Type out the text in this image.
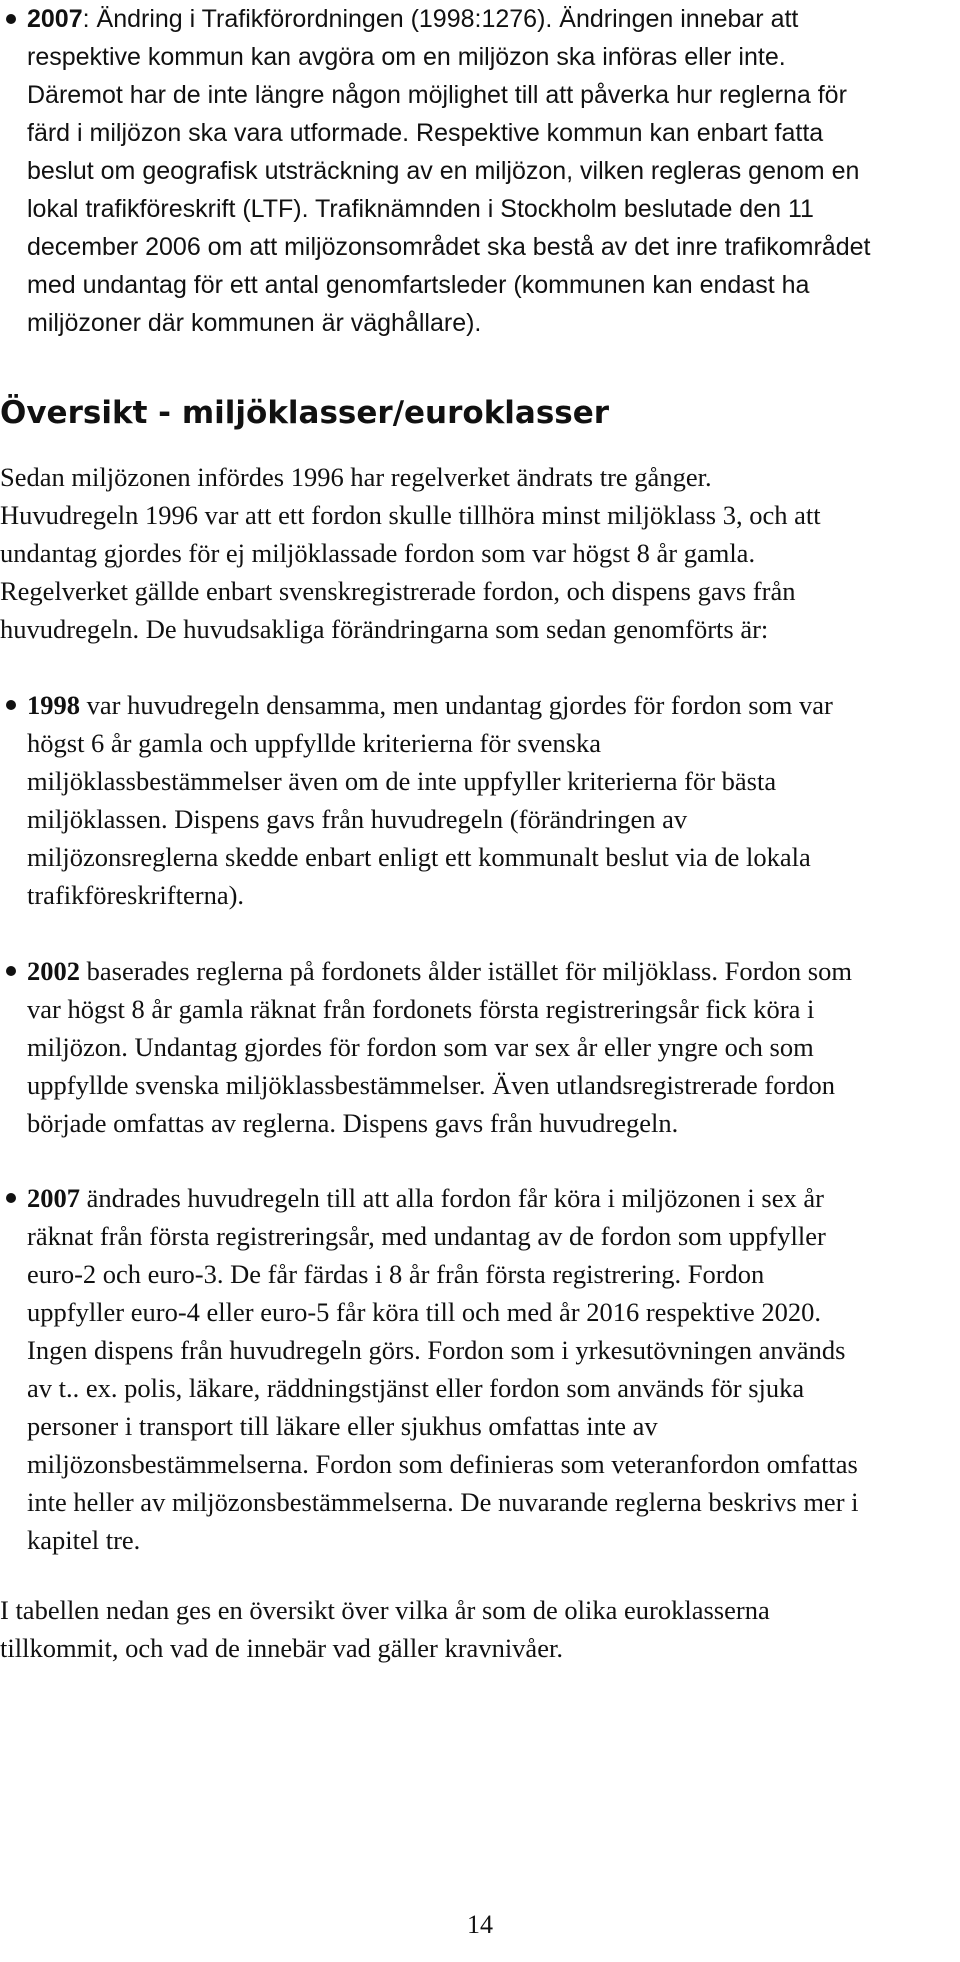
2007: Ändring i Trafikförordningen (1998:1276). Ändringen innebar att
respektive kommun kan avgöra om en miljözon ska införas eller inte.
Däremot har de inte längre någon möjlighet till att påverka hur reglerna för
färd i miljözon ska vara utformade. Respektive kommun kan enbart fatta
beslut om geografisk utsträckning av en miljözon, vilken regleras genom en
lokal trafikföreskrift (LTF). Trafiknämnden i Stockholm beslutade den 11
december 2006 om att miljözonsområdet ska bestå av det inre trafikområdet
med undantag för ett antal genomfartsleder (kommunen kan endast ha
miljözoner där kommunen är väghållare).
Översikt - miljöklasser/euroklasser
Sedan miljözonen infördes 1996 har regelverket ändrats tre gånger.
Huvudregeln 1996 var att ett fordon skulle tillhöra minst miljöklass 3, och att
undantag gjordes för ej miljöklassade fordon som var högst 8 år gamla.
Regelverket gällde enbart svenskregistrerade fordon, och dispens gavs från
huvudregeln. De huvudsakliga förändringarna som sedan genomförts är:
1998 var huvudregeln densamma, men undantag gjordes för fordon som var
högst 6 år gamla och uppfyllde kriterierna för svenska
miljöklassbestämmelser även om de inte uppfyller kriterierna för bästa
miljöklassen. Dispens gavs från huvudregeln (förändringen av
miljözonsreglerna skedde enbart enligt ett kommunalt beslut via de lokala
trafikföreskrifterna).
2002 baserades reglerna på fordonets ålder istället för miljöklass. Fordon som
var högst 8 år gamla räknat från fordonets första registreringsår fick köra i
miljözon. Undantag gjordes för fordon som var sex år eller yngre och som
uppfyllde svenska miljöklassbestämmelser. Även utlandsregistrerade fordon
började omfattas av reglerna. Dispens gavs från huvudregeln.
2007 ändrades huvudregeln till att alla fordon får köra i miljözonen i sex år
räknat från första registreringsår, med undantag av de fordon som uppfyller
euro-2 och euro-3. De får färdas i 8 år från första registrering. Fordon
uppfyller euro-4 eller euro-5 får köra till och med år 2016 respektive 2020.
Ingen dispens från huvudregeln görs. Fordon som i yrkesutövningen används
av t.. ex. polis, läkare, räddningstjänst eller fordon som används för sjuka
personer i transport till läkare eller sjukhus omfattas inte av
miljözonsbestämmelserna. Fordon som definieras som veteranfordon omfattas
inte heller av miljözonsbestämmelserna. De nuvarande reglerna beskrivs mer i
kapitel tre.
I tabellen nedan ges en översikt över vilka år som de olika euroklasserna
tillkommit, och vad de innebär vad gäller kravnivåer.
14
